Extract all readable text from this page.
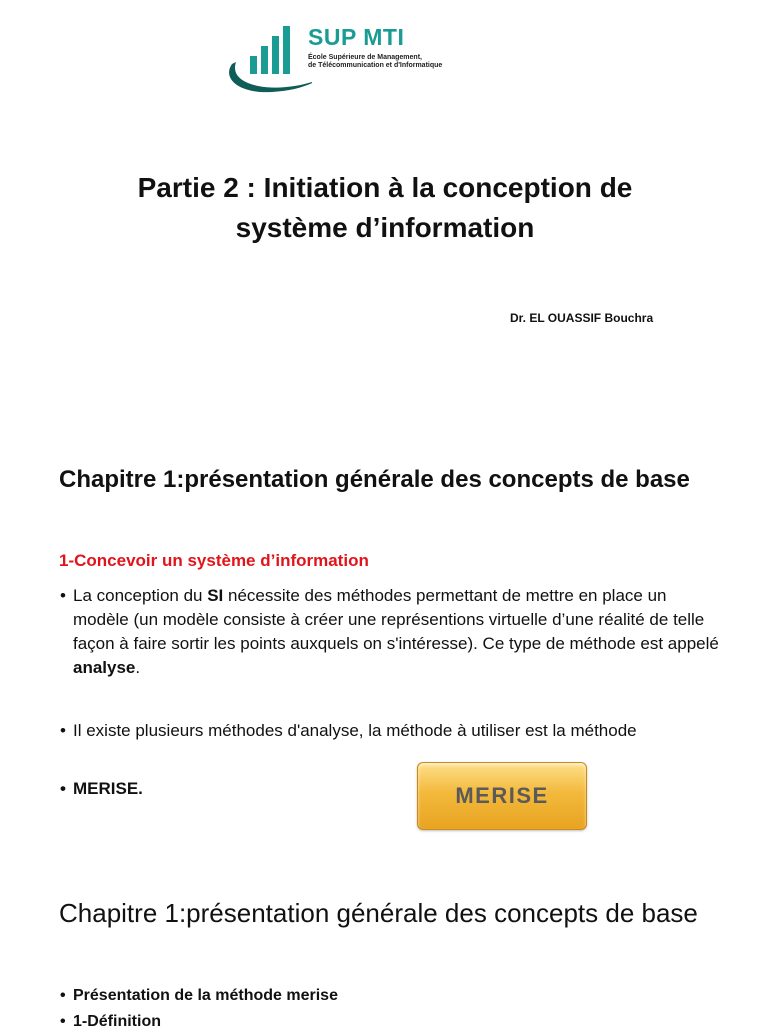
SUP MTI
École Supérieure de Management,
de Télécommunication et d'Informatique
Partie 2 : Initiation à la conception de
système d’information
Dr. EL OUASSIF Bouchra
Chapitre 1:présentation générale des concepts de base
1-Concevoir un système d’information
• La conception du SI nécessite des méthodes permettant de mettre en place un modèle (un modèle consiste à créer une représentions virtuelle d’une réalité de telle façon à faire sortir les points auxquels on s'intéresse). Ce type de méthode est appelé analyse.
• Il existe plusieurs méthodes d'analyse, la méthode à utiliser est la méthode
• MERISE.	MERISE
Chapitre 1:présentation générale des concepts de base
• Présentation de la méthode merise
• 1-Définition
